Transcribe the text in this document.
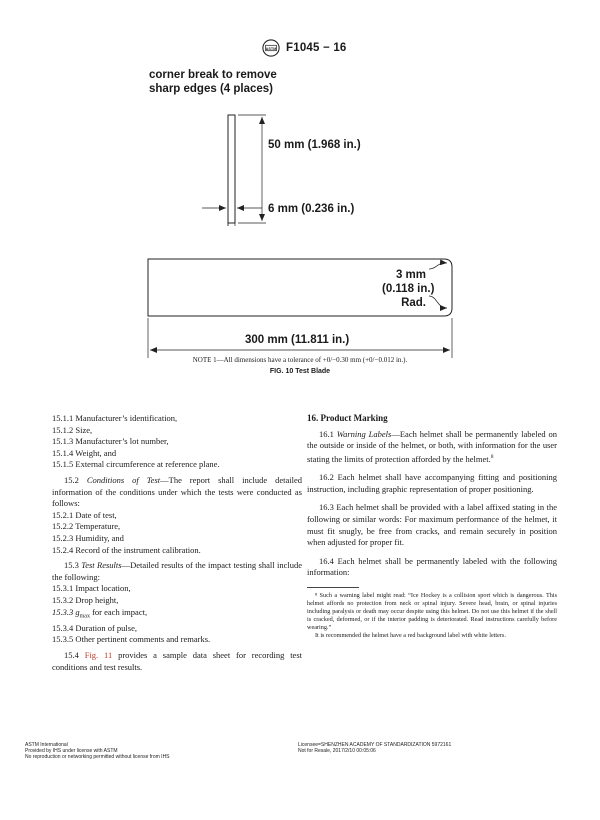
ASTM F1045 − 16
corner break to remove
sharp edges (4 places)
50 mm (1.968 in.)
6 mm (0.236 in.)
3 mm
(0.118 in.)
Rad.
300 mm (11.811 in.)
NOTE 1—All dimensions have a tolerance of +0/−0.30 mm (+0/−0.012 in.).
FIG. 10 Test Blade

15.1.1 Manufacturer’s identification,

15.1.2 Size,

15.1.3 Manufacturer’s lot number,

15.1.4 Weight, and

15.1.5 External circumference at reference plane.

15.2 Conditions of Test—The report shall include detailed information of the conditions under which the tests were conducted as follows:

15.2.1 Date of test,

15.2.2 Temperature,

15.2.3 Humidity, and

15.2.4 Record of the instrument calibration.

15.3 Test Results—Detailed results of the impact testing shall include the following:

15.3.1 Impact location,

15.3.2 Drop height,

15.3.3 $g_{max}$ for each impact,

15.3.4 Duration of pulse,

15.3.5 Other pertinent comments and remarks.

15.4 Fig. 11 provides a sample data sheet for recording test conditions and test results.

16. Product Marking

16.1 Warning Labels—Each helmet shall be permanently labeled on the outside or inside of the helmet, or both, with information for the user stating the limits of protection afforded by the helmet.$^8$

16.2 Each helmet shall have accompanying fitting and positioning instruction, including graphic representation of proper positioning.

16.3 Each helmet shall be provided with a label affixed stating in the following or similar words: For maximum performance of the helmet, it must fit snugly, be free from cracks, and remain securely in position when adjusted for proper fit.

16.4 Each helmet shall be permanently labeled with the following information:

⁸ Such a warning label might read: “Ice Hockey is a collision sport which is dangerous. This helmet affords no protection from neck or spinal injury. Severe head, brain, or spinal injuries including paralysis or death may occur despite using this helmet. Do not use this helmet if the shell is cracked, deformed, or if the interior padding is deteriorated. Read instructions carefully before wearing.”

It is recommended the helmet have a red background label with white letters.

ASTM International
Provided by IHS under license with ASTM
No reproduction or networking permitted without license from IHS
Licensee=SHENZHEN ACADEMY OF STANDARDIZATION 5972161
Not for Resale, 2017/2/10 00:05:06
